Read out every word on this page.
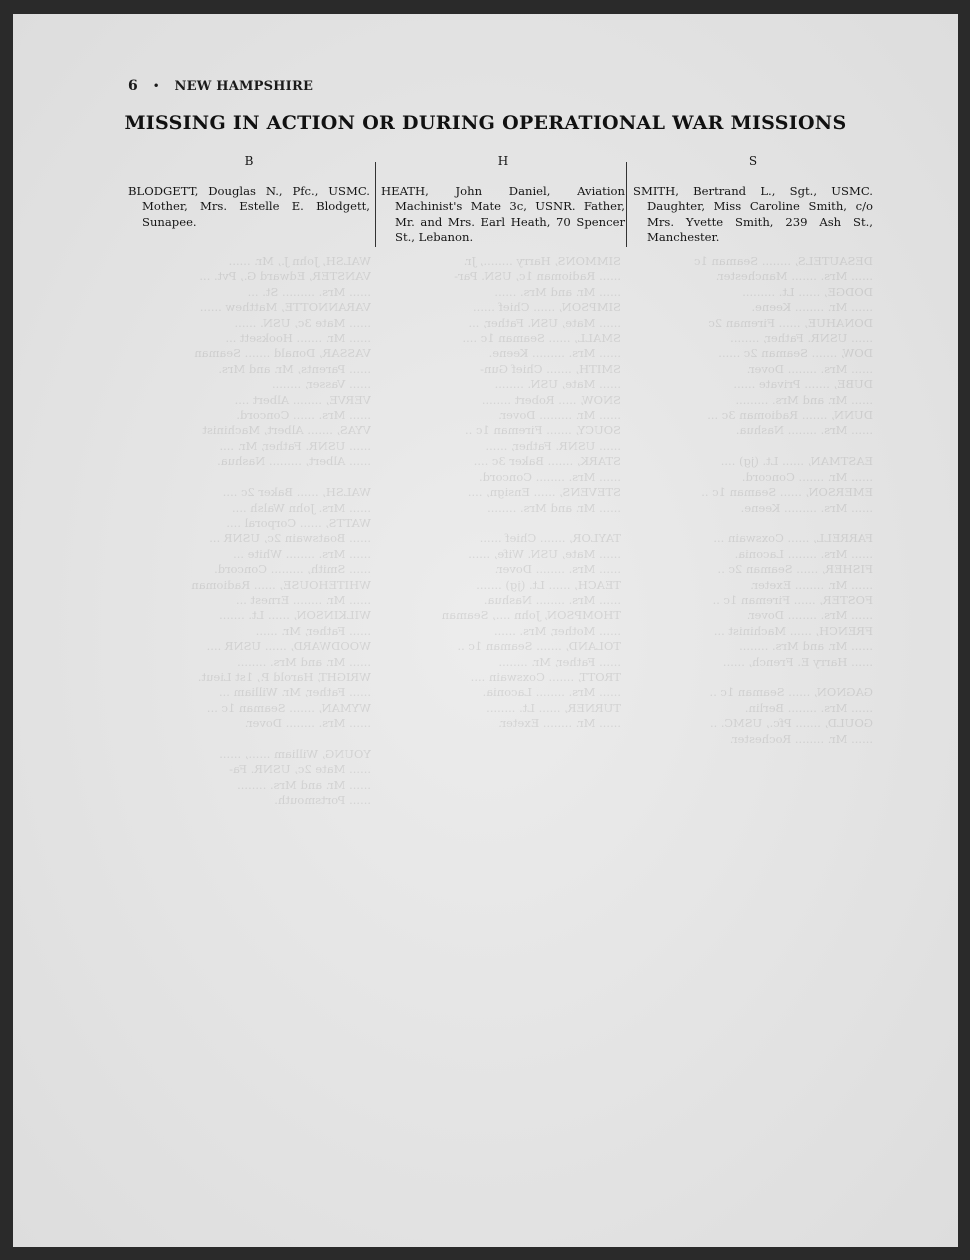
WALSH, John J., Mr. ......
VANSTER, Edward G., Pvt. ...
...... Mrs. ......... St. ...
VARANNOTTE, Matthew ......
...... Mate 3c, USN. ......
...... Mr. ....... Hooksett ...
VASSAR, Donald ....... Seaman
...... Parents, Mr. and Mrs.
...... Vasser, ........
VERVE, ........ Albert ....
...... Mrs. ...... Concord.
VYAS, ....... Albert, Machinist
...... USNR. Father, Mr. ....
...... Albert, ......... Nashua.

WALSH, ...... Baker 2c ....
...... Mrs. John Walsh ....
WATTS, ...... Corporal ....
...... Boatswain 2c, USNR ...
...... Mrs. ........ White ...
...... Smith, ......... Concord.
WHITEHOUSE, ...... Radioman
...... Mr. ........ Ernest ...
WILKINSON, ...... Lt. .......
...... Father, Mr. ......
WOODWARD, ...... USNR ....
...... Mr. and Mrs. ........
WRIGHT, Harold P., 1st Lieut.
...... Father, Mr. William ...
WYMAN, ....... Seaman 1c ...
...... Mrs. ........ Dover.

YOUNG, William ......, ......
...... Mate 2c, USNR. Fa-
...... Mr. and Mrs. ........
...... Portsmouth.
SIMMONS, Harry ........, Jr.
...... Radioman 1c, USN. Par-
...... Mr. and Mrs. ......
SIMPSON, ...... Chief ......
...... Mate, USN. Father, ...
SMALL, ...... Seaman 1c ....
...... Mrs. ......... Keene.
SMITH, ....... Chief Gun-
...... Mate, USN. ........
SNOW, ..... Robert ........
...... Mr. ......... Dover.
SOUCY, ....... Fireman 1c ..
...... USNR. Father, ......
STARK, ....... Baker 3c ....
...... Mrs. ........ Concord.
STEVENS, ...... Ensign, ....
...... Mr. and Mrs. ........

TAYLOR, ....... Chief ......
...... Mate, USN. Wife, ......
...... Mrs. ........ Dover.
TEACH, ...... Lt. (jg) .......
...... Mrs. ........ Nashua.
THOMPSON, John ...., Seaman
...... Mother, Mrs. ......
TOLAND, ....... Seaman 1c ..
...... Father, Mr. ........
TROTT, ....... Coxswain ....
...... Mrs. ........ Laconia.
TURNER, ...... Lt. ........
...... Mr. ........ Exeter.
DESAUTELS, ........ Seaman 1c
...... Mrs. ....... Manchester.
DODGE, ...... Lt. .........
...... Mr. ........ Keene.
DONAHUE, ...... Fireman 2c
...... USNR. Father, ........
DOW, ....... Seaman 2c ......
...... Mrs. ........ Dover.
DUBE, ....... Private ......
...... Mr. and Mrs. .........
DUNN, ....... Radioman 3c ...
...... Mrs. ........ Nashua.

EASTMAN, ...... Lt. (jg) ....
...... Mr. ....... Concord.
EMERSON, ...... Seaman 1c ..
...... Mrs. ......... Keene.

FARRELL, ...... Coxswain ...
...... Mrs. ........ Laconia.
FISHER, ...... Seaman 2c ..
...... Mr. ........ Exeter.
FOSTER, ...... Fireman 1c ..
...... Mrs. ........ Dover.
FRENCH, ...... Machinist ...
...... Mr. and Mrs. ........
...... Harry E. French, ......

GAGNON, ...... Seaman 1c ..
...... Mrs. ........ Berlin.
GOULD, ....... Pfc., USMC. ..
...... Mr. ........ Rochester.
6 • NEW HAMPSHIRE
MISSING IN ACTION OR DURING OPERATIONAL WAR MISSIONS
B
BLODGETT, Douglas N., Pfc., USMC. Mother, Mrs. Estelle E. Blodgett, Sunapee.
H
HEATH, John Daniel, Aviation Machinist's Mate 3c, USNR. Father, Mr. and Mrs. Earl Heath, 70 Spencer St., Lebanon.
S
SMITH, Bertrand L., Sgt., USMC. Daughter, Miss Caroline Smith, c/o Mrs. Yvette Smith, 239 Ash St., Manchester.
